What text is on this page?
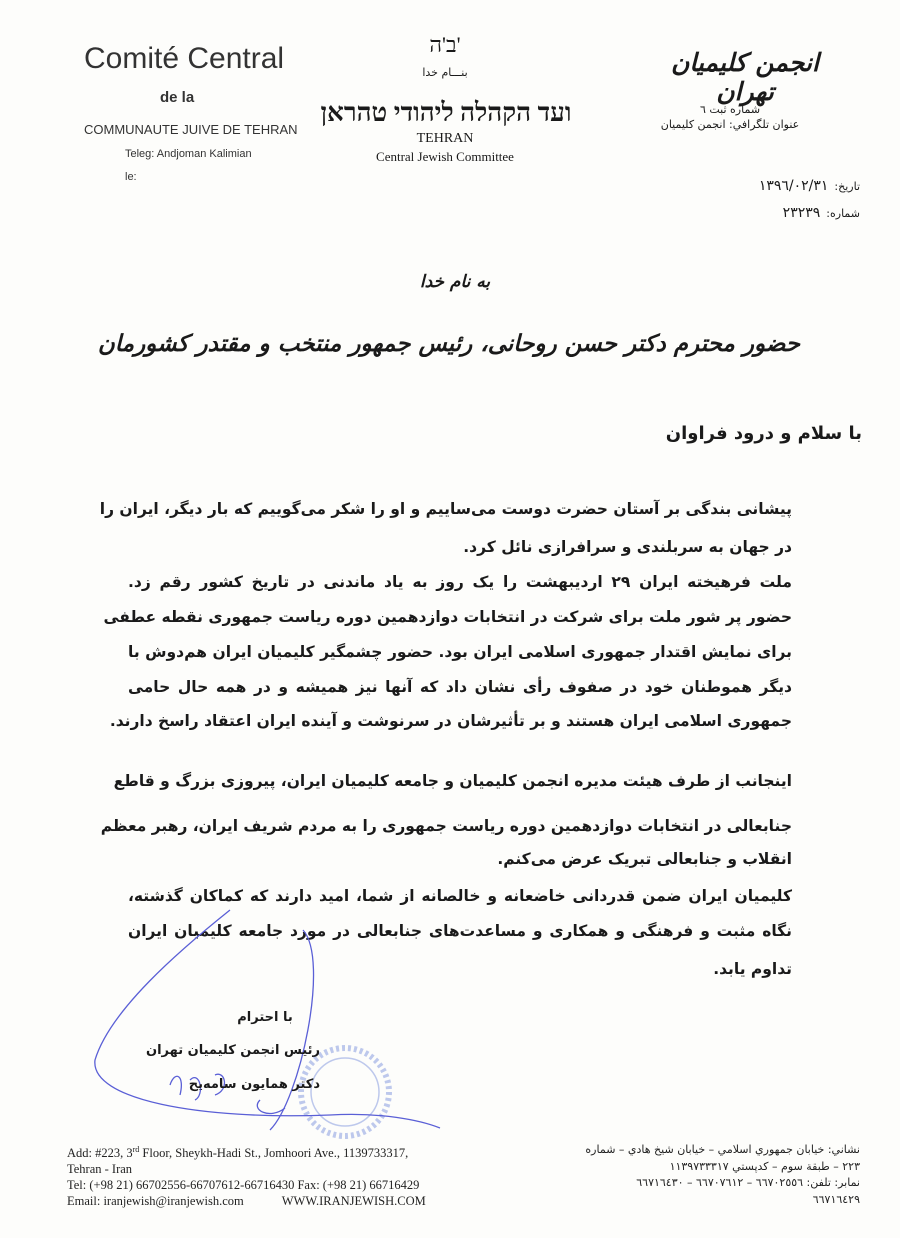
Comité Central
de la
COMMUNAUTE JUIVE DE TEHRAN
Teleg: Andjoman Kalimian
le:
ב'ה'
بنـــام خدا
ועד הקהלה ליהודי טהראן
TEHRAN
Central Jewish Committee
انجمن کلیمیان تهران
شماره ثبت ٦
عنوان تلگرافي: انجمن کليميان
تاریخ:
١٣٩٦/٠٢/٣١
شماره:
٢٣٢٣٩
به نام خدا
حضور محترم دکتر حسن روحانی، رئیس جمهور منتخب و مقتدر کشورمان
با سلام و درود فراوان
پیشانی بندگی بر آستان حضرت دوست می‌ساییم و او را شکر می‌گوییم که بار دیگر، ایران را
در جهان به سربلندی و سرافرازی نائل کرد.
ملت فرهیخته ایران ۲۹ اردیبهشت را یک روز به یاد ماندنی در تاریخ کشور رقم زد.
حضور پر شور ملت برای شرکت در انتخابات دوازدهمین دوره ریاست جمهوری نقطه عطفی
برای نمایش اقتدار جمهوری اسلامی ایران بود. حضور چشمگیر کلیمیان ایران هم‌دوش با
دیگر هموطنان خود در صفوف رأی نشان داد که آنها نیز همیشه و در همه حال حامی
جمهوری اسلامی ایران هستند و بر تأثیرشان در سرنوشت و آینده ایران اعتقاد راسخ دارند.
اینجانب از طرف هیئت مدیره انجمن کلیمیان و جامعه کلیمیان ایران، پیروزی بزرگ و قاطع
جنابعالی در انتخابات دوازدهمین دوره ریاست جمهوری را به مردم شریف ایران، رهبر معظم
انقلاب و جنابعالی تبریک عرض می‌کنم.
کلیمیان ایران ضمن قدردانی خاضعانه و خالصانه از شما، امید دارند که کماکان گذشته،
نگاه مثبت و فرهنگی و همکاری و مساعدت‌های جنابعالی در مورد جامعه کلیمیان ایران
تداوم یابد.
با احترام
رئیس انجمن کلیمیان تهران
دکتر همایون سامه‌یح
Add: #223, 3rd Floor, Sheykh-Hadi St., Jomhoori Ave., 1139733317,
Tehran - Iran
Tel: (+98 21) 66702556-66707612-66716430 Fax: (+98 21) 66716429
Email: iranjewish@iranjewish.com	WWW.IRANJEWISH.COM
نشاني: خيابان جمهوري اسلامي – خيابان شيخ هادي – شماره
٢٢٣ – طبقة سوم – کدپستي ١١٣٩٧٣٣٣١٧
نمابر: تلفن: ٦٦٧٠٢٥٥٦ – ٦٦٧٠٧٦١٢ – ٦٦٧١٦٤٣٠
٦٦٧١٦٤٢٩
